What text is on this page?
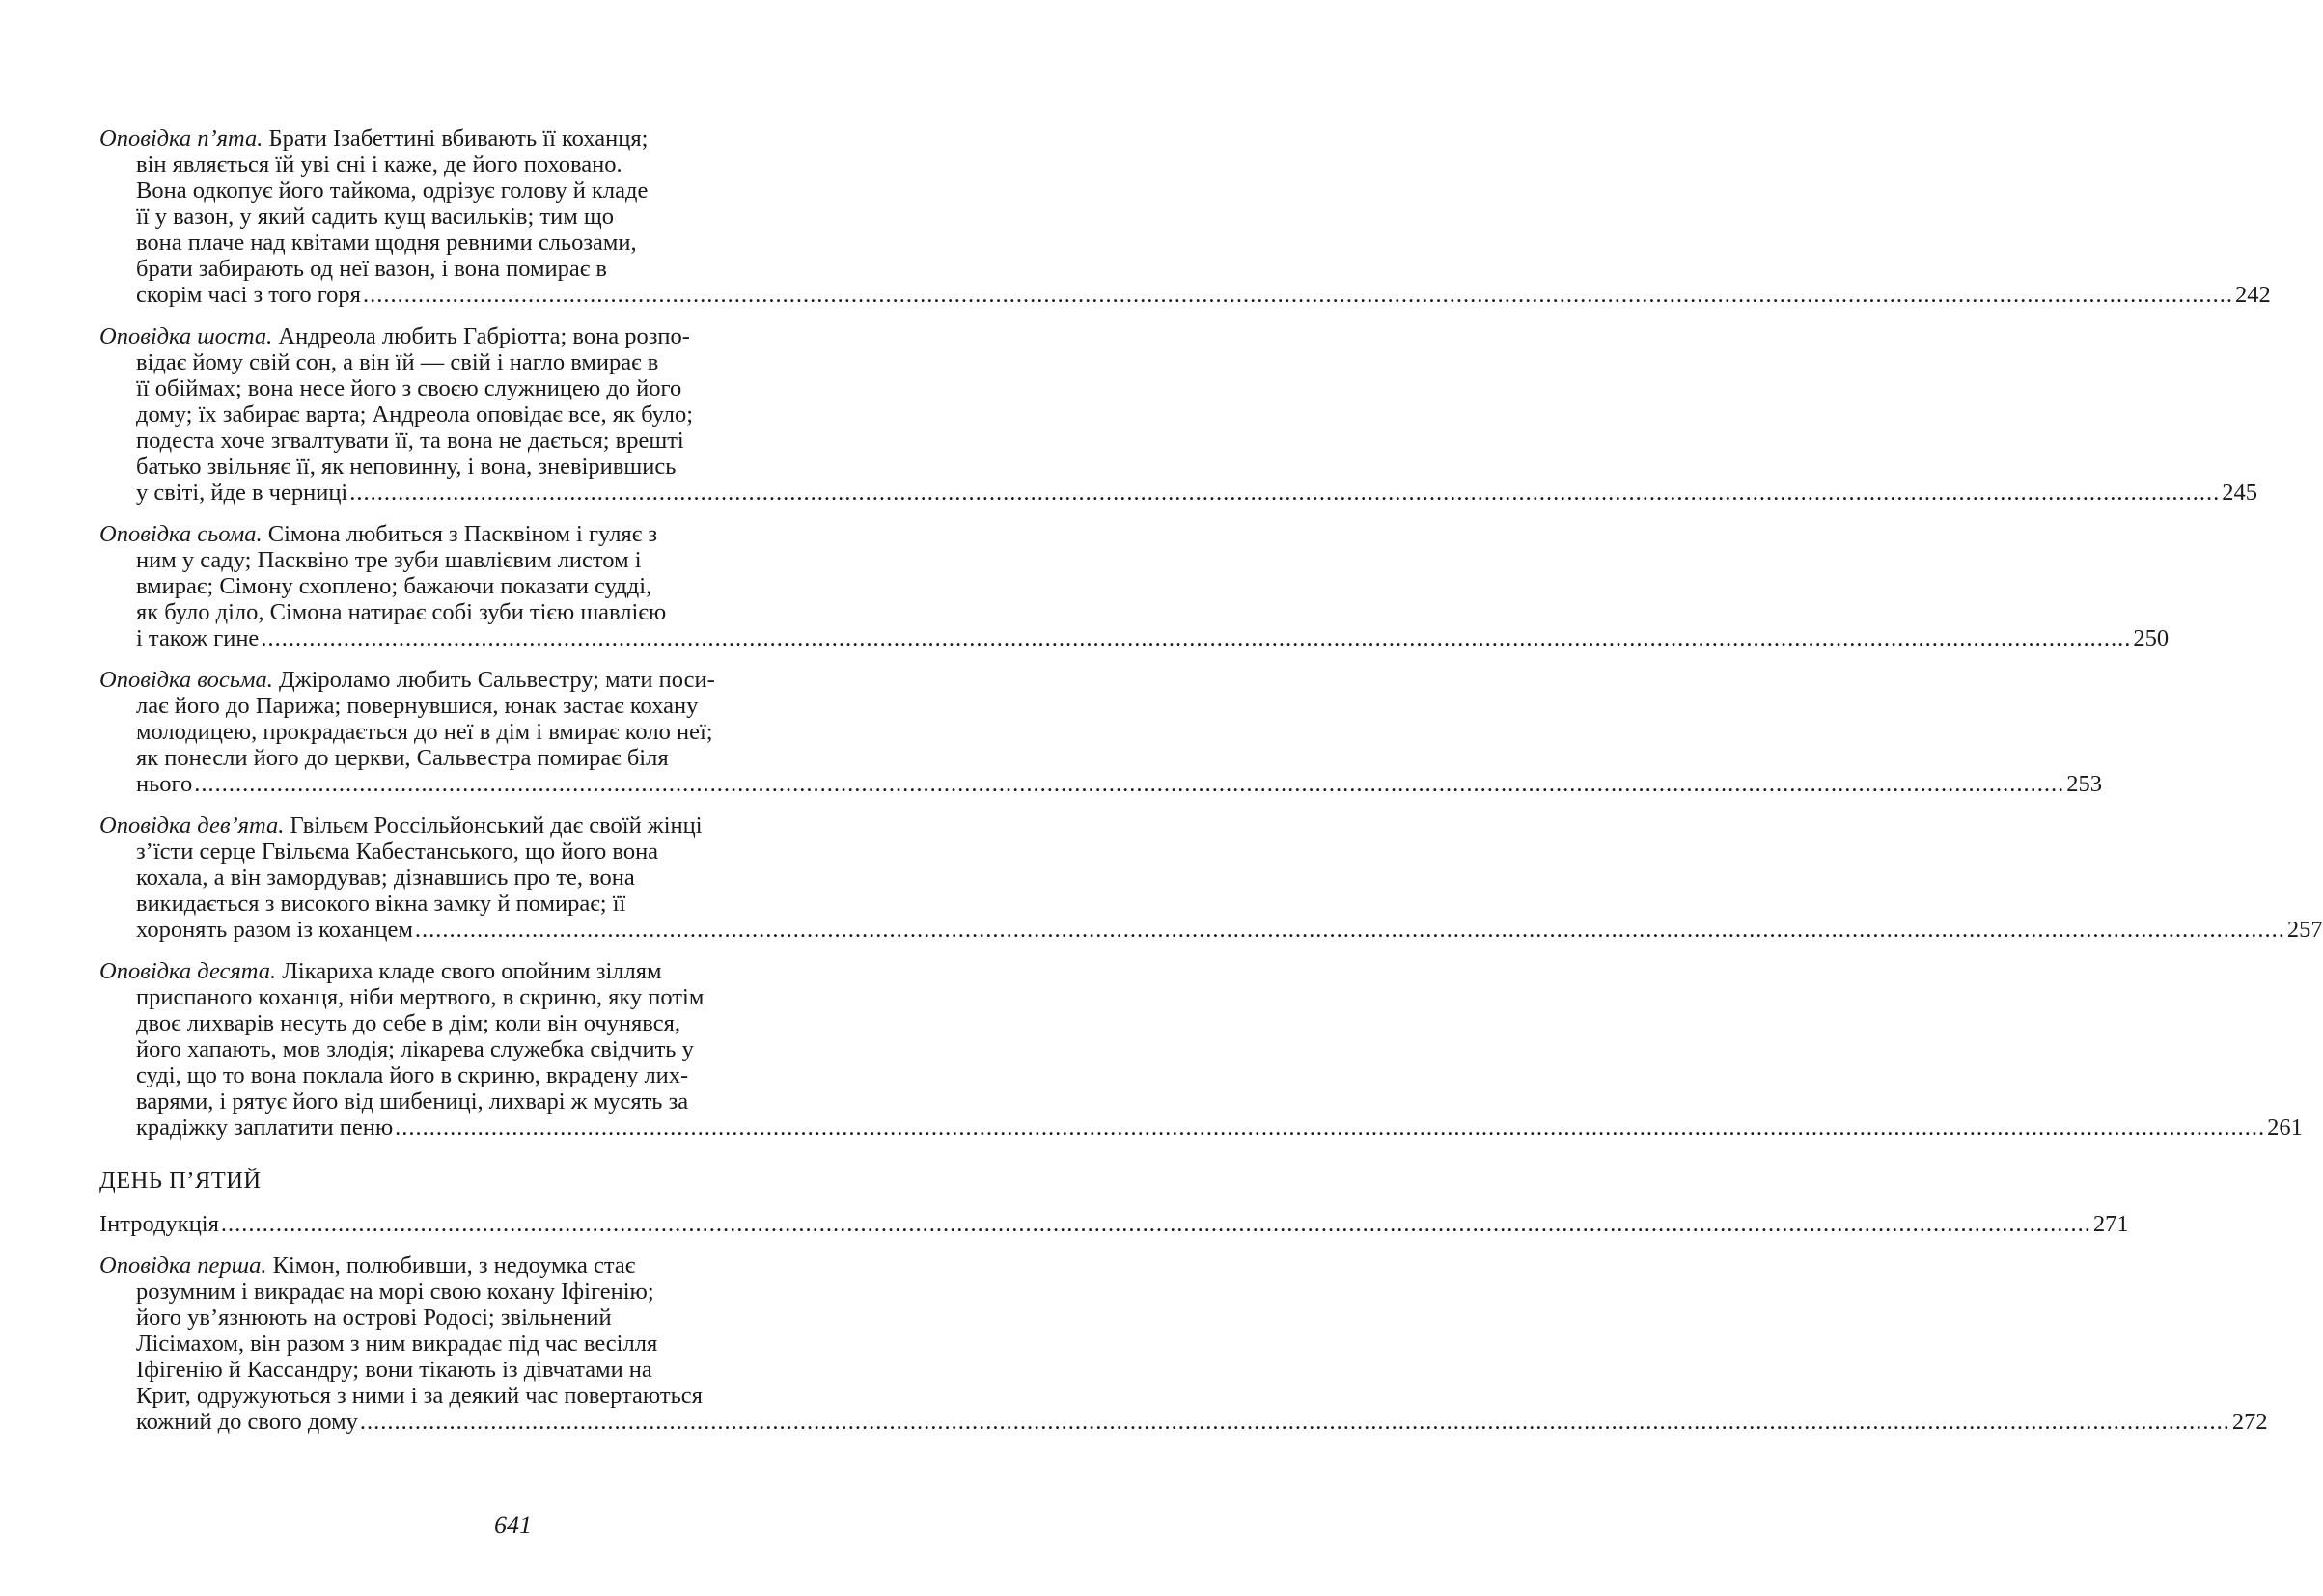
Оповідка п’ята. Брати Ізабеттині вбивають її коханця;
він являється їй уві сні і каже, де його поховано.
Вона одкопує його тайкома, одрізує голову й кладе
її у вазон, у який садить кущ васильків; тим що
вона плаче над квітами щодня ревними сльозами,
брати забирають од неї вазон, і вона помирає в
скорім часі з того горя .....	242
Оповідка шоста. Андреола любить Габріотта; вона розпо-
відає йому свій сон, а він їй — свій і нагло вмирає в
її обіймах; вона несе його з своєю служницею до його
дому; їх забирає варта; Андреола оповідає все, як було;
подеста хоче згвалтувати її, та вона не дається; врешті
батько звільняє її, як неповинну, і вона, зневірившись
у світі, йде в черниці .....	245
Оповідка сьома. Сімона любиться з Пасквіном і гуляє з
ним у саду; Пасквіно тре зуби шавлієвим листом і
вмирає; Сімону схоплено; бажаючи показати судді,
як було діло, Сімона натирає собі зуби тією шавлією
і також гине .....	250
Оповідка восьма. Джіроламо любить Сальвестру; мати поси-
лає його до Парижа; повернувшися, юнак застає кохану
молодицею, прокрадається до неї в дім і вмирає коло неї;
як понесли його до церкви, Сальвестра помирає біля
нього .....	253
Оповідка дев’ята. Гвільєм Россільйонський дає своїй жінці
з’їсти серце Гвільєма Кабестанського, що його вона
кохала, а він замордував; дізнавшись про те, вона
викидається з високого вікна замку й помирає; її
хоронять разом із коханцем .....	257
Оповідка десята. Лікариха кладе свого опойним зіллям
приспаного коханця, ніби мертвого, в скриню, яку потім
двоє лихварів несуть до себе в дім; коли він очунявся,
його хапають, мов злодія; лікарева служебка свідчить у
суді, що то вона поклала його в скриню, вкрадену лих-
варями, і рятує його від шибениці, лихварі ж мусять за
крадіжку заплатити пеню .....	261
ДЕНЬ П’ЯТИЙ
Інтродукція .....	271
Оповідка перша. Кімон, полюбивши, з недоумка стає
розумним і викрадає на морі свою кохану Іфігенію;
його ув’язнюють на острові Родосі; звільнений
Лісімахом, він разом з ним викрадає під час весілля
Іфігенію й Кассандру; вони тікають із дівчатами на
Крит, одружуються з ними і за деякий час повертаються
кожний до свого дому .....	272
641
